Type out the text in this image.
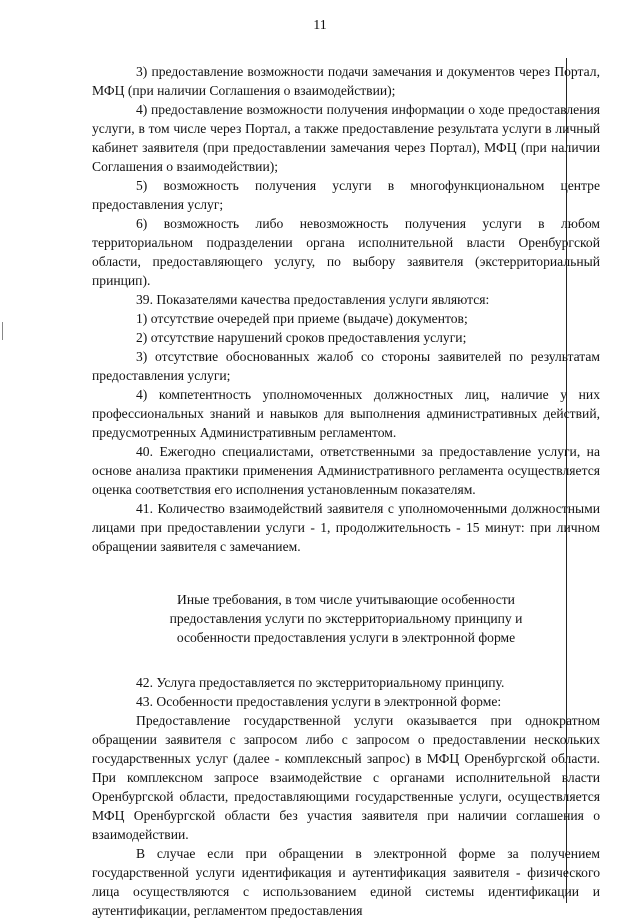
11

3) предоставление возможности подачи замечания и документов через Портал, МФЦ (при наличии Соглашения о взаимодействии);

4) предоставление возможности получения информации о ходе предоставления услуги, в том числе через Портал, а также предоставление результата услуги в личный кабинет заявителя (при предоставлении замечания через Портал), МФЦ (при наличии Соглашения о взаимодействии);

5) возможность получения услуги в многофункциональном центре предоставления услуг;

6) возможность либо невозможность получения услуги в любом территориальном подразделении органа исполнительной власти Оренбургской области, предоставляющего услугу, по выбору заявителя (экстерриториальный принцип).

39. Показателями качества предоставления услуги являются:

1) отсутствие очередей при приеме (выдаче) документов;

2) отсутствие нарушений сроков предоставления услуги;

3) отсутствие обоснованных жалоб со стороны заявителей по результатам предоставления услуги;

4) компетентность уполномоченных должностных лиц, наличие у них профессиональных знаний и навыков для выполнения административных действий, предусмотренных Административным регламентом.

40. Ежегодно специалистами, ответственными за предоставление услуги, на основе анализа практики применения Административного регламента осуществляется оценка соответствия его исполнения установленным показателям.

41. Количество взаимодействий заявителя с уполномоченными должностными лицами при предоставлении услуги - 1, продолжительность - 15 минут: при личном обращении заявителя с замечанием.

Иные требования, в том числе учитывающие особенности
предоставления услуги по экстерриториальному принципу и
особенности предоставления услуги в электронной форме

42. Услуга предоставляется по экстерриториальному принципу.

43. Особенности предоставления услуги в электронной форме:

Предоставление государственной услуги оказывается при однократном обращении заявителя с запросом либо с запросом о предоставлении нескольких государственных услуг (далее - комплексный запрос) в МФЦ Оренбургской области. При комплексном запросе взаимодействие с органами исполнительной власти Оренбургской области, предоставляющими государственные услуги, осуществляется МФЦ Оренбургской области без участия заявителя при наличии соглашения о взаимодействии.

В случае если при обращении в электронной форме за получением государственной услуги идентификация и аутентификация заявителя - физического лица осуществляются с использованием единой системы идентификации и аутентификации, регламентом предоставления
